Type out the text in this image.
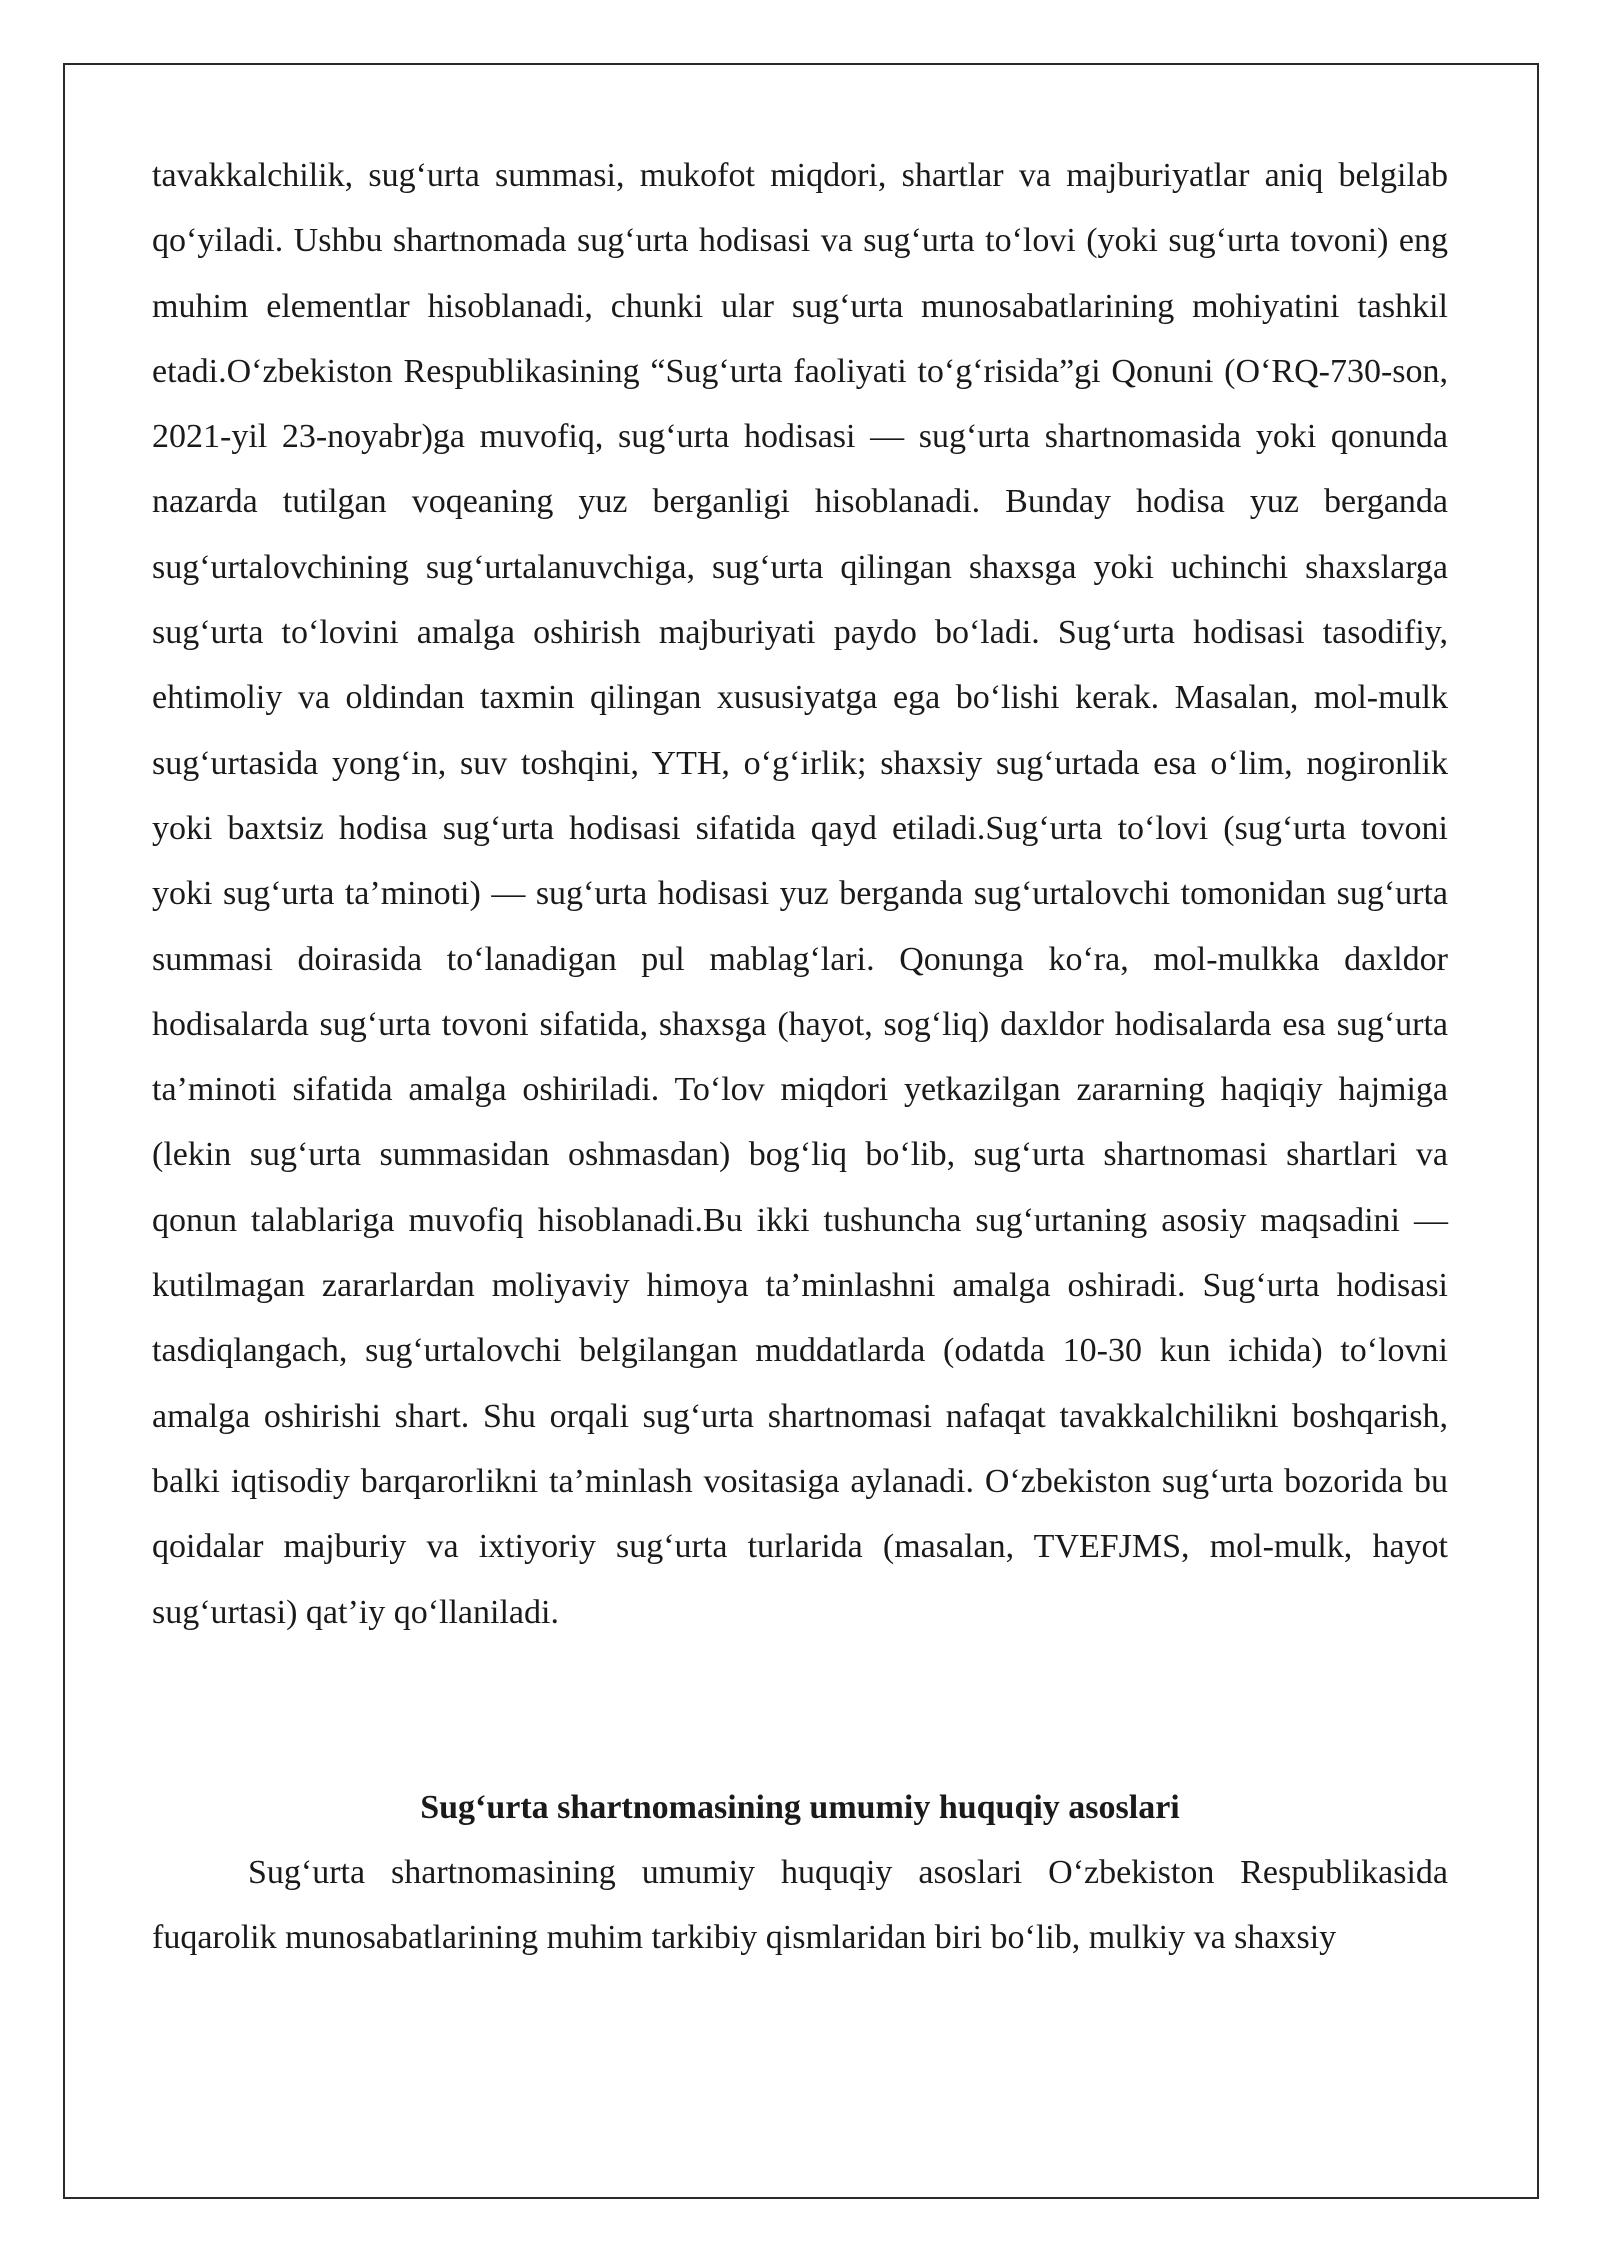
tavakkalchilik, sug‘urta summasi, mukofot miqdori, shartlar va majburiyatlar aniq belgilab qo‘yiladi. Ushbu shartnomada sug‘urta hodisasi va sug‘urta to‘lovi (yoki sug‘urta tovoni) eng muhim elementlar hisoblanadi, chunki ular sug‘urta munosabatlarining mohiyatini tashkil etadi.O‘zbekiston Respublikasining “Sug‘urta faoliyati to‘g‘risida”gi Qonuni (O‘RQ-730-son, 2021-yil 23-noyabr)ga muvofiq, sug‘urta hodisasi — sug‘urta shartnomasida yoki qonunda nazarda tutilgan voqeaning yuz berganligi hisoblanadi. Bunday hodisa yuz berganda sug‘urtalovchining sug‘urtalanuvchiga, sug‘urta qilingan shaxsga yoki uchinchi shaxslarga sug‘urta to‘lovini amalga oshirish majburiyati paydo bo‘ladi. Sug‘urta hodisasi tasodifiy, ehtimoliy va oldindan taxmin qilingan xususiyatga ega bo‘lishi kerak. Masalan, mol-mulk sug‘urtasida yong‘in, suv toshqini, YTH, o‘g‘irlik; shaxsiy sug‘urtada esa o‘lim, nogironlik yoki baxtsiz hodisa sug‘urta hodisasi sifatida qayd etiladi.Sug‘urta to‘lovi (sug‘urta tovoni yoki sug‘urta ta’minoti) — sug‘urta hodisasi yuz berganda sug‘urtalovchi tomonidan sug‘urta summasi doirasida to‘lanadigan pul mablag‘lari. Qonunga ko‘ra, mol-mulkka daxldor hodisalarda sug‘urta tovoni sifatida, shaxsga (hayot, sog‘liq) daxldor hodisalarda esa sug‘urta ta’minoti sifatida amalga oshiriladi. To‘lov miqdori yetkazilgan zararning haqiqiy hajmiga (lekin sug‘urta summasidan oshmasdan) bog‘liq bo‘lib, sug‘urta shartnomasi shartlari va qonun talablariga muvofiq hisoblanadi.Bu ikki tushuncha sug‘urtaning asosiy maqsadini — kutilmagan zararlardan moliyaviy himoya ta’minlashni amalga oshiradi. Sug‘urta hodisasi tasdiqlangach, sug‘urtalovchi belgilangan muddatlarda (odatda 10-30 kun ichida) to‘lovni amalga oshirishi shart. Shu orqali sug‘urta shartnomasi nafaqat tavakkalchilikni boshqarish, balki iqtisodiy barqarorlikni ta’minlash vositasiga aylanadi. O‘zbekiston sug‘urta bozorida bu qoidalar majburiy va ixtiyoriy sug‘urta turlarida (masalan, TVEFJMS, mol-mulk, hayot sug‘urtasi) qat’iy qo‘llaniladi.

Sug‘urta shartnomasining umumiy huquqiy asoslari

Sug‘urta shartnomasining umumiy huquqiy asoslari O‘zbekiston Respublikasida fuqarolik munosabatlarining muhim tarkibiy qismlaridan biri bo‘lib, mulkiy va shaxsiy
